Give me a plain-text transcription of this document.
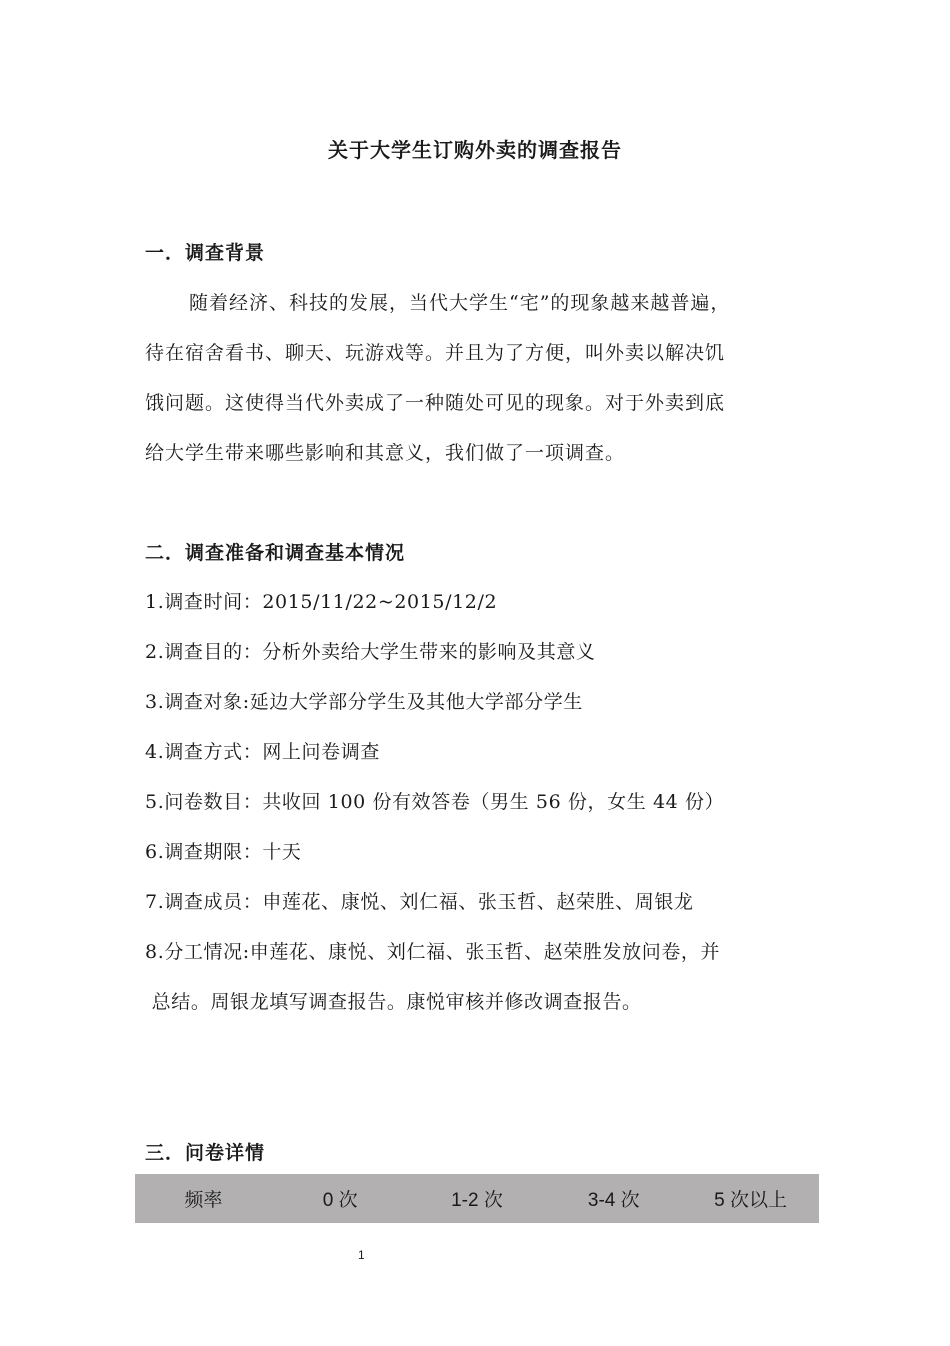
关于大学生订购外卖的调查报告
一．调查背景
随着经济、科技的发展，当代大学生“宅”的现象越来越普遍，
待在宿舍看书、聊天、玩游戏等。并且为了方便，叫外卖以解决饥
饿问题。这使得当代外卖成了一种随处可见的现象。对于外卖到底
给大学生带来哪些影响和其意义，我们做了一项调查。
二．调查准备和调查基本情况
1.调查时间：2015/11/22~2015/12/2
2.调查目的：分析外卖给大学生带来的影响及其意义
3.调查对象:延边大学部分学生及其他大学部分学生
4.调查方式：网上问卷调查
5.问卷数目：共收回 100 份有效答卷（男生 56 份，女生 44 份）
6.调查期限：十天
7.调查成员：申莲花、康悦、刘仁福、张玉哲、赵荣胜、周银龙
8.分工情况:申莲花、康悦、刘仁福、张玉哲、赵荣胜发放问卷，并
总结。周银龙填写调查报告。康悦审核并修改调查报告。
三．问卷详情
频率	0 次	1-2 次	3-4 次	5 次以上
1
